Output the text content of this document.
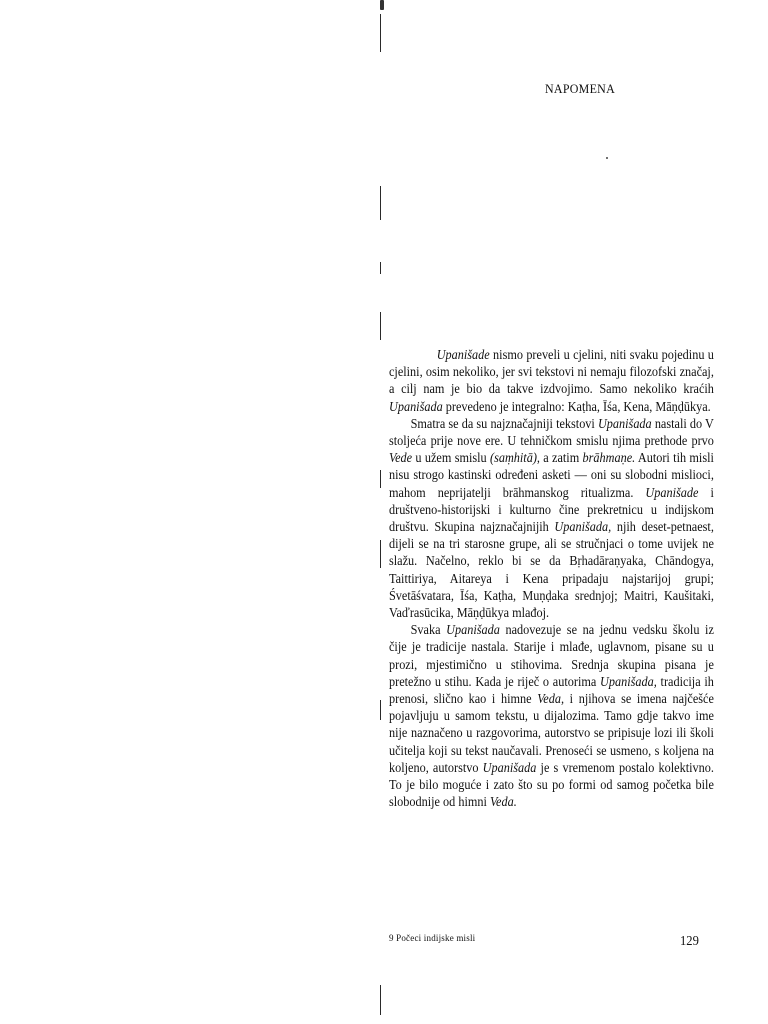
NAPOMENA

Upanišade nismo preveli u cjelini, niti svaku pojedinu u cjelini, osim nekoliko, jer svi tekstovi ni nemaju filozofski značaj, a cilj nam je bio da takve izdvojimo. Samo nekoliko kraćih Upanišada prevedeno je integralno: Kaṭha, Īśa, Kena, Māṇḍūkya.

Smatra se da su najznačajniji tekstovi Upanišada nastali do V stoljeća prije nove ere. U tehničkom smislu njima prethode prvo Vede u užem smislu (saṃhitā), a zatim brāhmaṇe. Autori tih misli nisu strogo kastinski određeni asketi — oni su slobodni mislioci, mahom neprijatelji brāhmanskog ritualizma. Upanišade i društveno-historijski i kulturno čine prekretnicu u indijskom društvu. Skupina najznačajnijih Upanišada, njih deset-petnaest, dijeli se na tri starosne grupe, ali se stručnjaci o tome uvijek ne slažu. Načelno, reklo bi se da Bṛhadāraṇyaka, Chāndogya, Taittiriya, Aitareya i Kena pripadaju najstarijoj grupi; Śvetāśvatara, Īśa, Kaṭha, Muṇḍaka srednjoj; Maitri, Kaušitaki, Vaďrasūcika, Māṇḍūkya mlađoj.

Svaka Upanišada nadovezuje se na jednu vedsku školu iz čije je tradicije nastala. Starije i mlađe, uglavnom, pisane su u prozi, mjestimično u stihovima. Srednja skupina pisana je pretežno u stihu. Kada je riječ o autorima Upanišada, tradicija ih prenosi, slično kao i himne Veda, i njihova se imena najčešće pojavljuju u samom tekstu, u dijalozima. Tamo gdje takvo ime nije naznačeno u razgovorima, autorstvo se pripisuje lozi ili školi učitelja koji su tekst naučavali. Prenoseći se usmeno, s koljena na koljeno, autorstvo Upanišada je s vremenom postalo kolektivno. To je bilo moguće i zato što su po formi od samog početka bile slobodnije od himni Veda.

9 Počeci indijske misli	129
